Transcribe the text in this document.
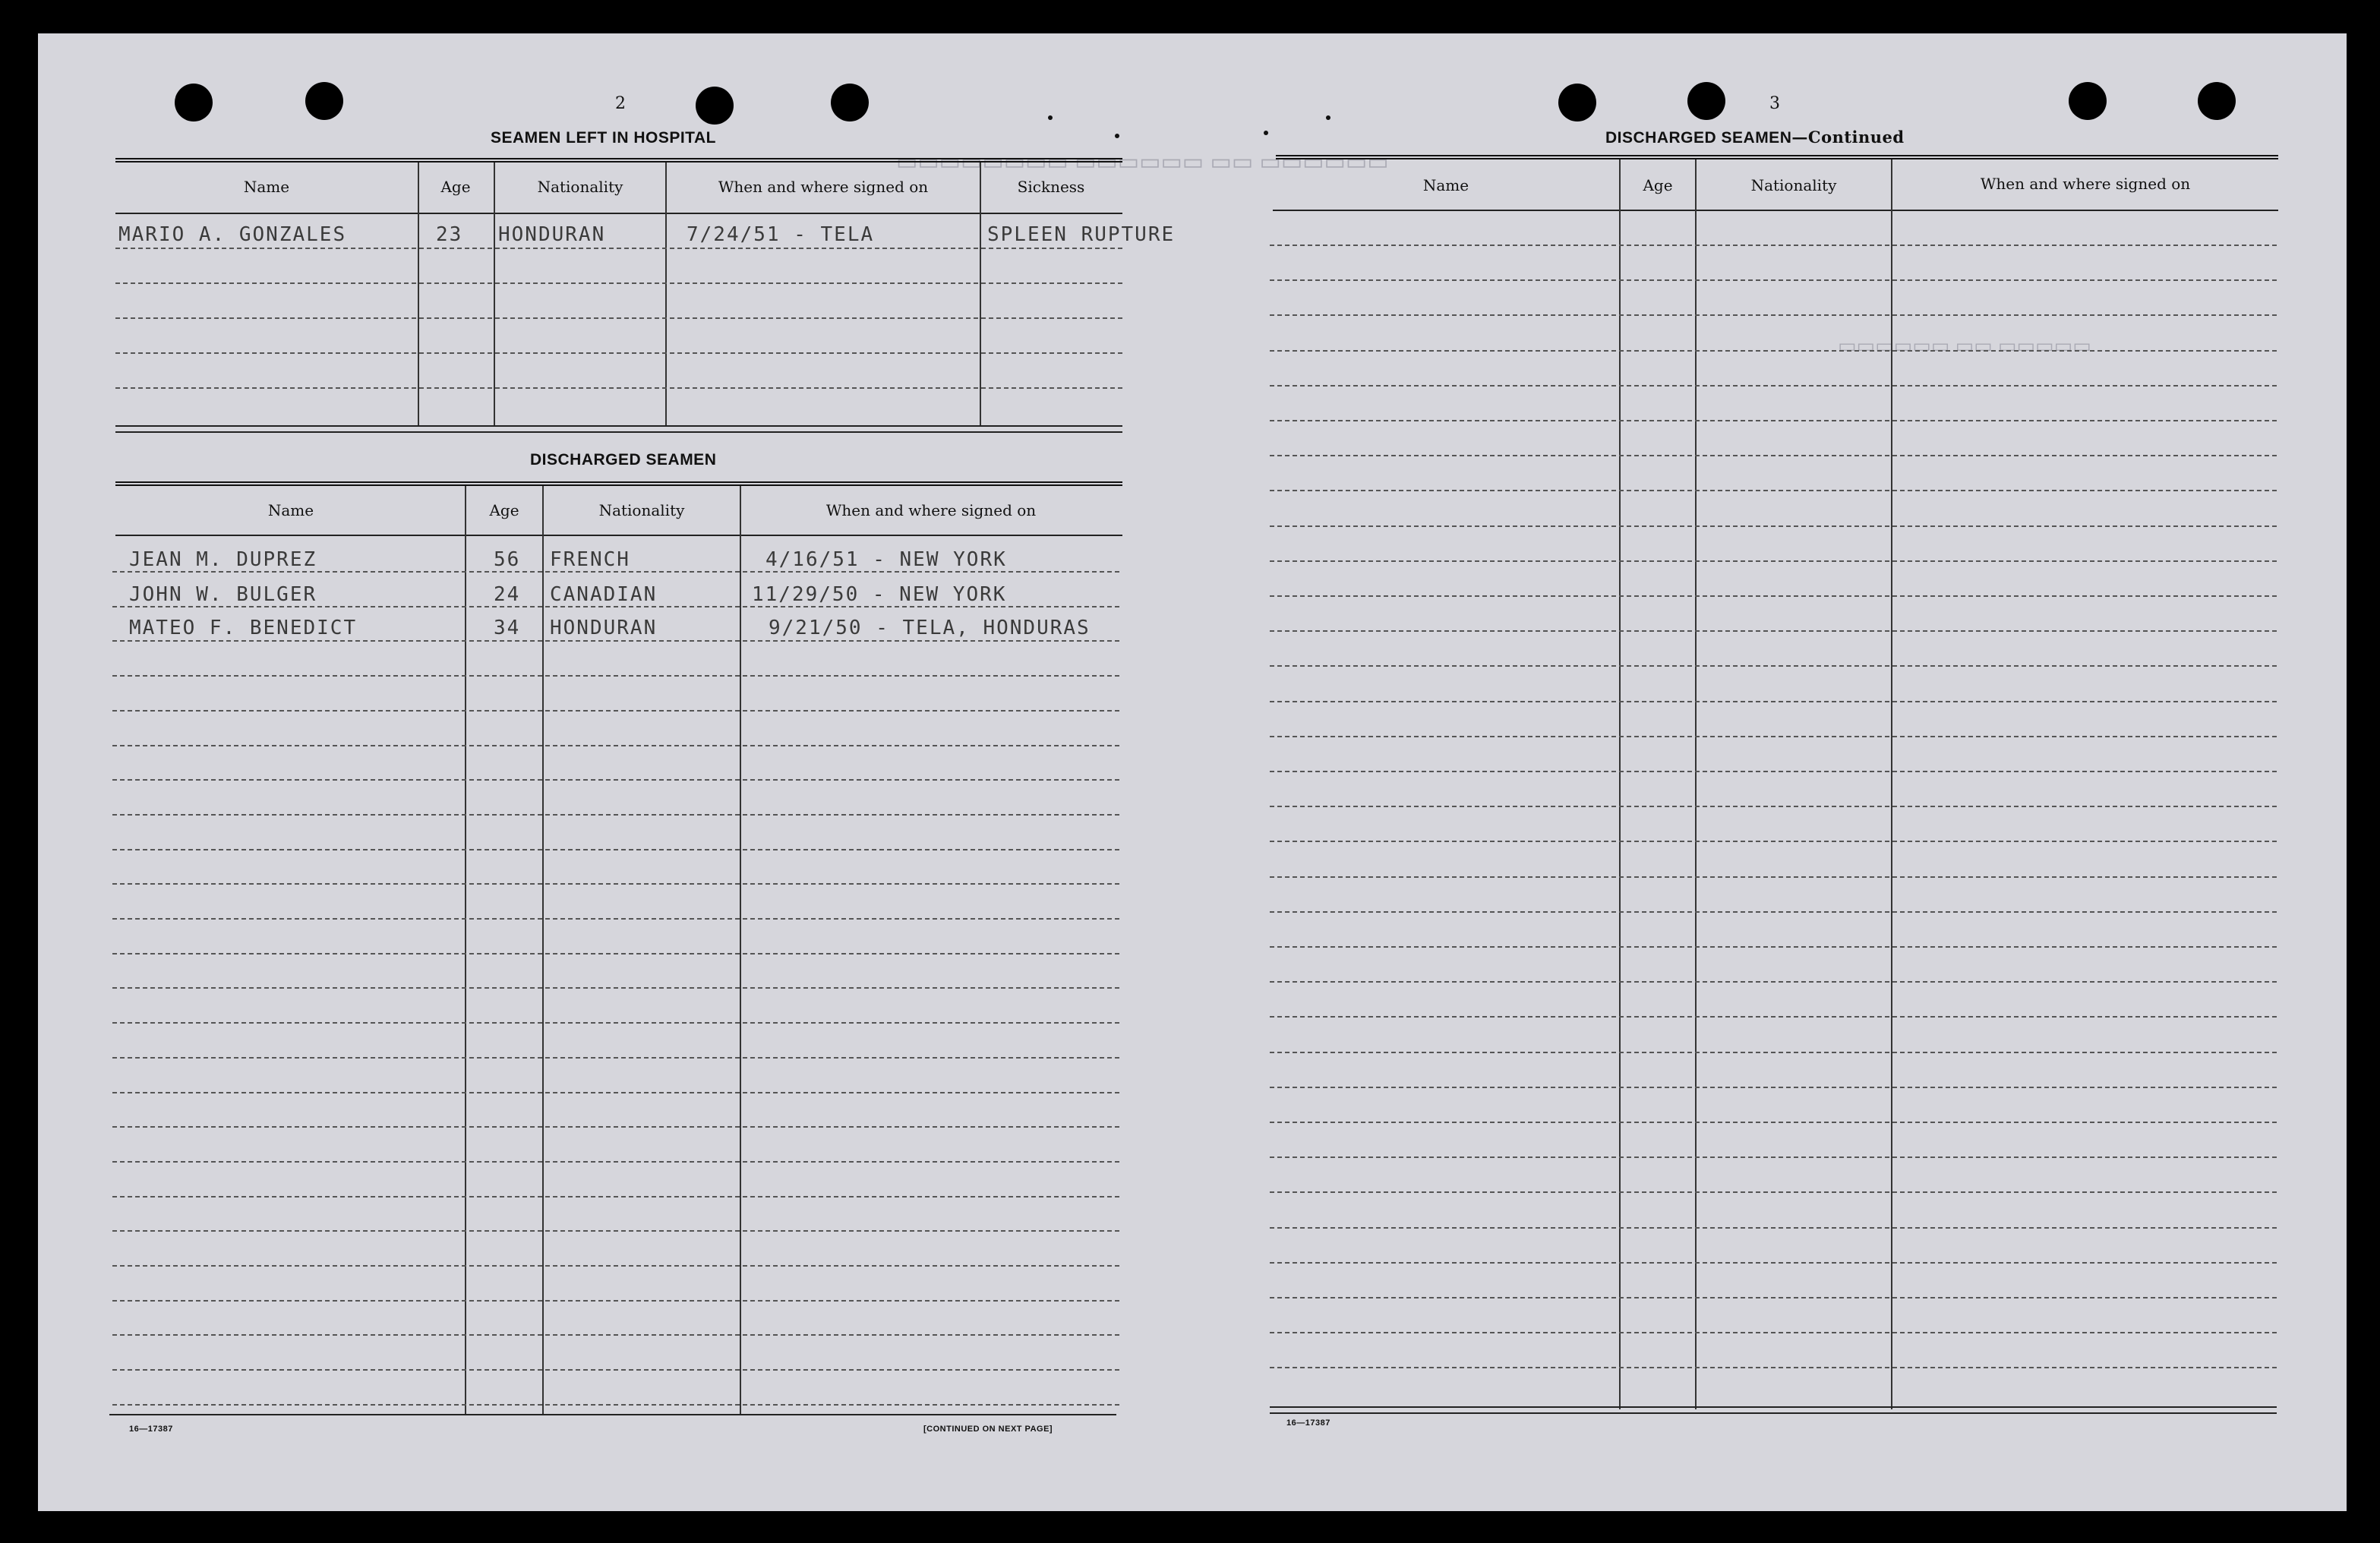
▭▭▭▭▭▭ ▭▭ ▭▭▭▭▭▭ ▭▭▭▭▭▭▭▭
▭▭▭▭▭ ▭▭ ▭▭▭▭▭▭
2
SEAMEN LEFT IN HOSPITAL
Name	Age	Nationality	When and where signed on	Sickness
MARIO A. GONZALES	23 HONDURAN	7/24/51 - TELA	SPLEEN RUPTURE
DISCHARGED SEAMEN
Name	Age	Nationality	When and where signed on
JEAN M. DUPREZ	56 FRENCH	4/16/51 - NEW YORK
JOHN W. BULGER	24 CANADIAN	11/29/50 - NEW YORK
MATEO F. BENEDICT	34 HONDURAN	9/21/50 - TELA, HONDURAS
16—17387	[CONTINUED ON NEXT PAGE]
3
DISCHARGED SEAMEN—Continued
Name	Age	Nationality	When and where signed on
16—17387
